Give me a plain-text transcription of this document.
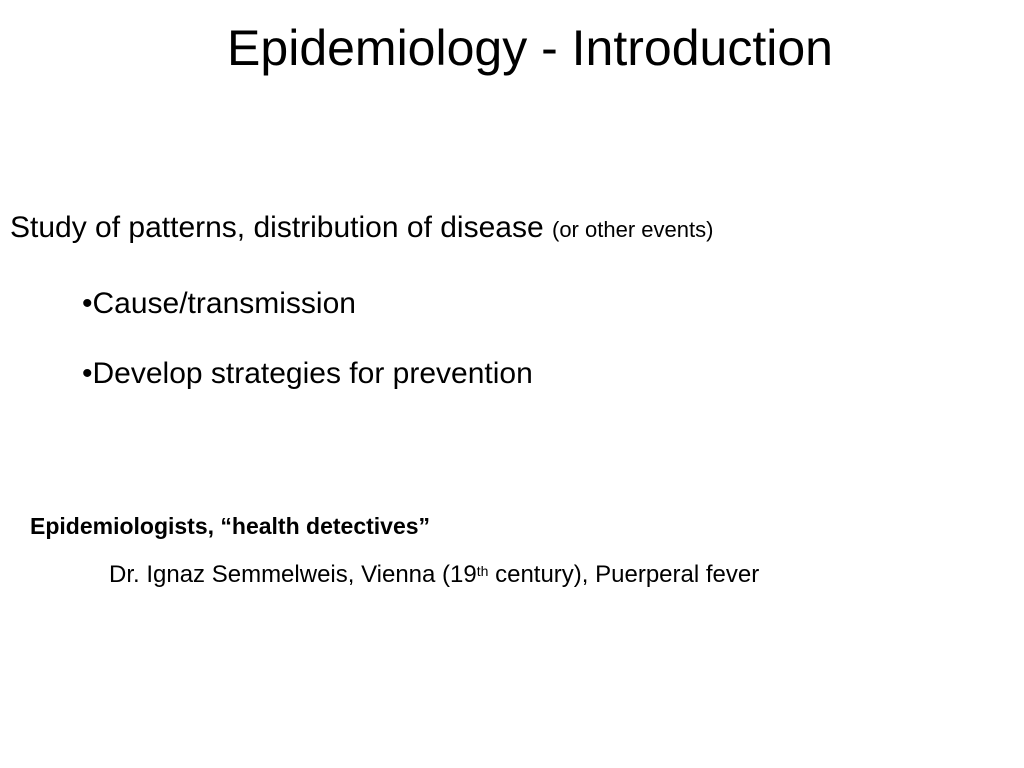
Epidemiology - Introduction
Study of patterns, distribution of disease (or other events)
•Cause/transmission
•Develop strategies for prevention
Epidemiologists, “health detectives”
Dr. Ignaz Semmelweis, Vienna (19th century), Puerperal fever
